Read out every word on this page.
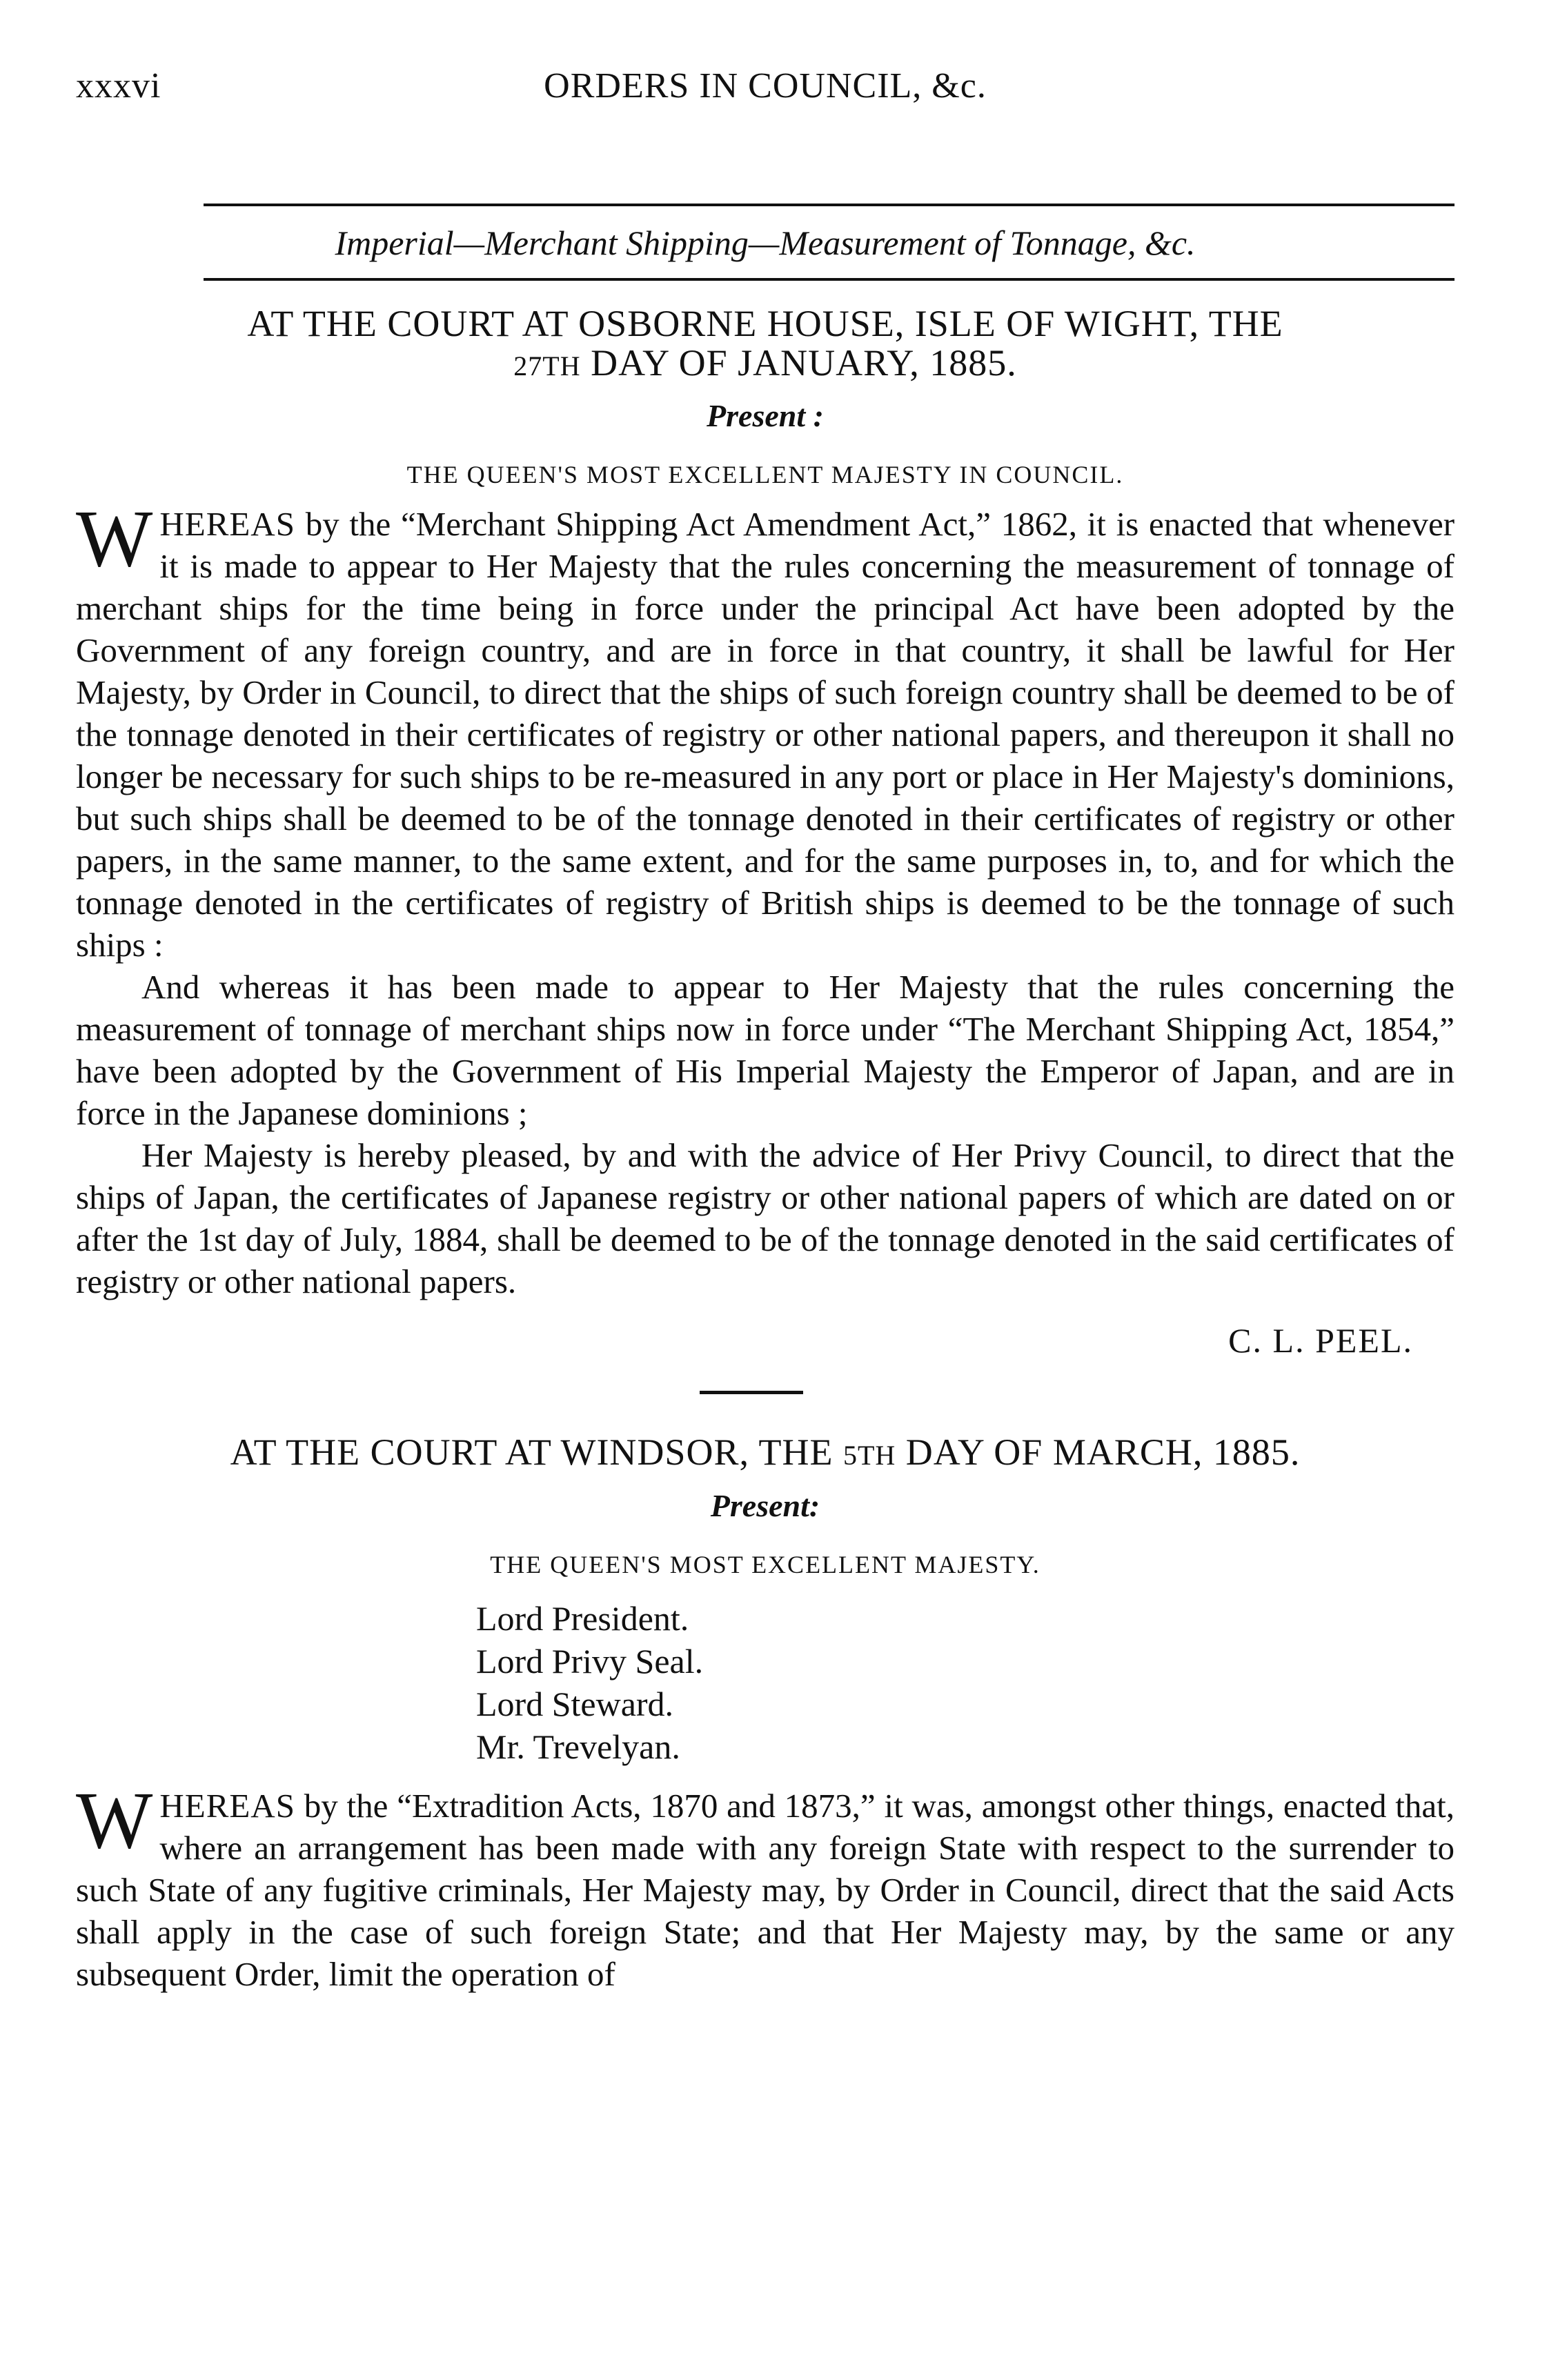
xxxvi	ORDERS IN COUNCIL, &c.
Imperial—Merchant Shipping—Measurement of Tonnage, &c.
AT THE COURT AT OSBORNE HOUSE, ISLE OF WIGHT, THE
27TH DAY OF JANUARY, 1885.
Present :
THE QUEEN'S MOST EXCELLENT MAJESTY IN COUNCIL.

WHEREAS by the “Merchant Shipping Act Amendment Act,” 1862, it is enacted that whenever it is made to appear to Her Majesty that the rules concerning the measurement of tonnage of merchant ships for the time being in force under the principal Act have been adopted by the Government of any foreign country, and are in force in that country, it shall be lawful for Her Majesty, by Order in Council, to direct that the ships of such foreign country shall be deemed to be of the tonnage denoted in their certificates of registry or other national papers, and thereupon it shall no longer be necessary for such ships to be re-measured in any port or place in Her Majesty's dominions, but such ships shall be deemed to be of the tonnage denoted in their certificates of registry or other papers, in the same manner, to the same extent, and for the same purposes in, to, and for which the tonnage denoted in the certificates of registry of British ships is deemed to be the tonnage of such ships :

And whereas it has been made to appear to Her Majesty that the rules concerning the measurement of tonnage of merchant ships now in force under “The Merchant Shipping Act, 1854,” have been adopted by the Government of His Imperial Majesty the Emperor of Japan, and are in force in the Japanese dominions ;

Her Majesty is hereby pleased, by and with the advice of Her Privy Council, to direct that the ships of Japan, the certificates of Japanese registry or other national papers of which are dated on or after the 1st day of July, 1884, shall be deemed to be of the tonnage denoted in the said certificates of registry or other national papers.

C. L. PEEL.
AT THE COURT AT WINDSOR, THE 5TH DAY OF MARCH, 1885.
Present:
THE QUEEN'S MOST EXCELLENT MAJESTY.
Lord President.
Lord Privy Seal.
Lord Steward.
Mr. Trevelyan.

WHEREAS by the “Extradition Acts, 1870 and 1873,” it was, amongst other things, enacted that, where an arrangement has been made with any foreign State with respect to the surrender to such State of any fugitive criminals, Her Majesty may, by Order in Council, direct that the said Acts shall apply in the case of such foreign State; and that Her Majesty may, by the same or any subsequent Order, limit the operation of
